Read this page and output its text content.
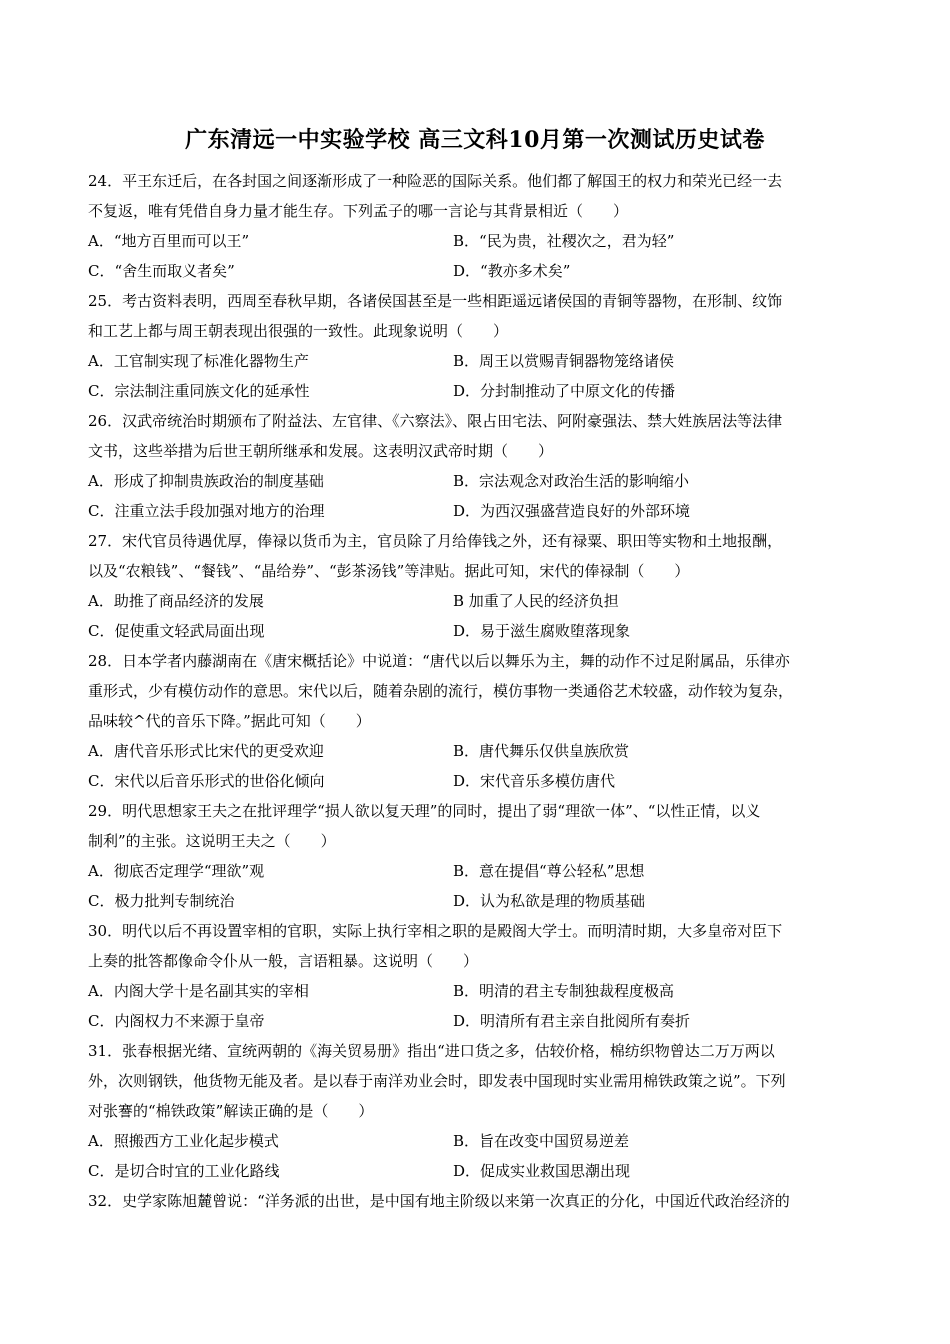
广东清远一中实验学校 高三文科10月第一次测试历史试卷
24．平王东迁后，在各封国之间逐渐形成了一种险恶的国际关系。他们都了解国王的权力和荣光已经一去
不复返，唯有凭借自身力量才能生存。下列孟子的哪一言论与其背景相近（　　）
A．“地方百里而可以王”	B．“民为贵，社稷次之，君为轻”
C．“舍生而取义者矣”	D．“教亦多术矣”
25．考古资料表明，西周至春秋早期，各诸侯国甚至是一些相距遥远诸侯国的青铜等器物，在形制、纹饰
和工艺上都与周王朝表现出很强的一致性。此现象说明（　　）
A．工官制实现了标准化器物生产	B．周王以赏赐青铜器物笼络诸侯
C．宗法制注重同族文化的延承性	D．分封制推动了中原文化的传播
26．汉武帝统治时期颁布了附益法、左官律、《六察法》、限占田宅法、阿附豪强法、禁大姓族居法等法律
文书，这些举措为后世王朝所继承和发展。这表明汉武帝时期（　　）
A．形成了抑制贵族政治的制度基础	B．宗法观念对政治生活的影响缩小
C．注重立法手段加强对地方的治理	D．为西汉强盛营造良好的外部环境
27．宋代官员待遇优厚，俸禄以货币为主，官员除了月给俸钱之外，还有禄粟、职田等实物和土地报酬，
以及“农粮钱”、“餐钱”、“晶给券”、“彭茶汤钱”等津贴。据此可知，宋代的俸禄制（　　）
A．助推了商品经济的发展	B 加重了人民的经济负担
C．促使重文轻武局面出现	D．易于滋生腐败堕落现象
28．日本学者内藤湖南在《唐宋概括论》中说道：“唐代以后以舞乐为主，舞的动作不过足附属品，乐律亦
重形式，少有模仿动作的意思。宋代以后，随着杂剧的流行，模仿事物一类通俗艺术较盛，动作较为复杂，
品味较^代的音乐下降。”据此可知（　　）
A．唐代音乐形式比宋代的更受欢迎	B．唐代舞乐仅供皇族欣赏
C．宋代以后音乐形式的世俗化倾向	D．宋代音乐多模仿唐代
29．明代思想家王夫之在批评理学“损人欲以复天理”的同时，提出了弱“理欲一体”、“以性正情，以义
制利”的主张。这说明王夫之（　　）
A．彻底否定理学“理欲”观	B．意在提倡“尊公轻私”思想
C．极力批判专制统治	D．认为私欲是理的物质基础
30．明代以后不再设置宰相的官职，实际上执行宰相之职的是殿阁大学士。而明清时期，大多皇帝对臣下
上奏的批答都像命令仆从一般，言语粗暴。这说明（　　）
A．内阁大学十是名副其实的宰相	B．明清的君主专制独裁程度极高
C．内阁权力不来源于皇帝	D．明清所有君主亲自批阅所有奏折
31．张春根据光绪、宣统两朝的《海关贸易册》指出“进口货之多，估较价格，棉纺织物曾达二万万两以
外，次则钢铁，他货物无能及者。是以春于南洋劝业会时，即发表中国现时实业需用棉铁政策之说”。下列
对张謇的“棉铁政策”解读正确的是（　　）
A．照搬西方工业化起步模式	B．旨在改变中国贸易逆差
C．是切合时宜的工业化路线	D．促成实业救国思潮出现
32．史学家陈旭麓曾说：“洋务派的出世，是中国有地主阶级以来第一次真正的分化，中国近代政治经济的
